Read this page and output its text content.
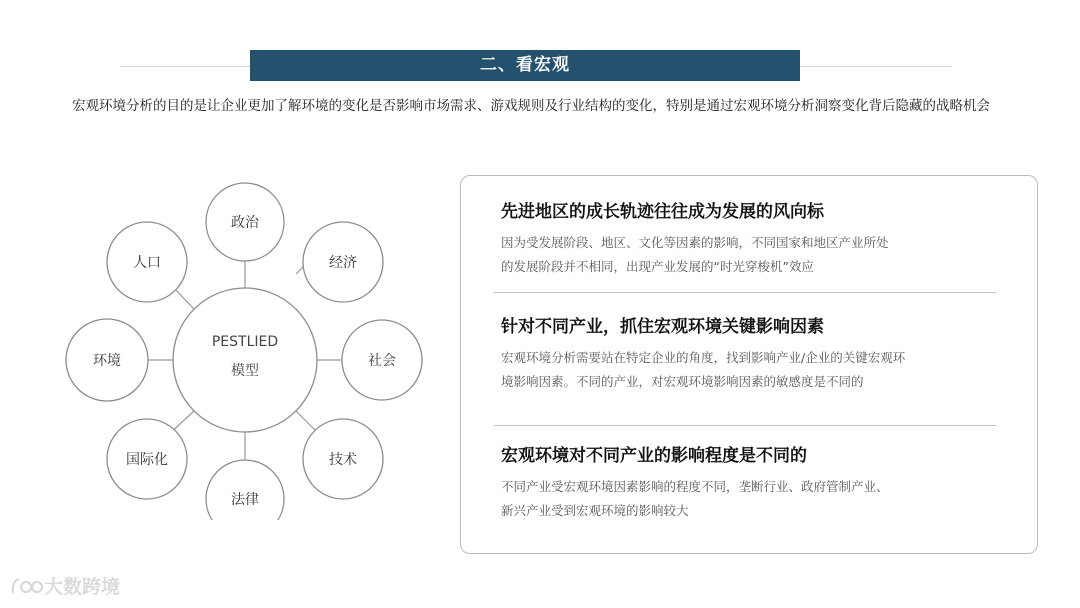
二、看宏观
宏观环境分析的目的是让企业更加了解环境的变化是否影响市场需求、游戏规则及行业结构的变化，特别是通过宏观环境分析洞察变化背后隐藏的战略机会
PESTLIED
模型
政治
经济
社会
技术
法律
国际化
环境
人口
先进地区的成长轨迹往往成为发展的风向标
因为受发展阶段、地区、文化等因素的影响，不同国家和地区产业所处
的发展阶段并不相同，出现产业发展的“时光穿梭机”效应
针对不同产业，抓住宏观环境关键影响因素
宏观环境分析需要站在特定企业的角度，找到影响产业/企业的关键宏观环
境影响因素。不同的产业，对宏观环境影响因素的敏感度是不同的
宏观环境对不同产业的影响程度是不同的
不同产业受宏观环境因素影响的程度不同，垄断行业、政府管制产业、
新兴产业受到宏观环境的影响较大
大数跨境
